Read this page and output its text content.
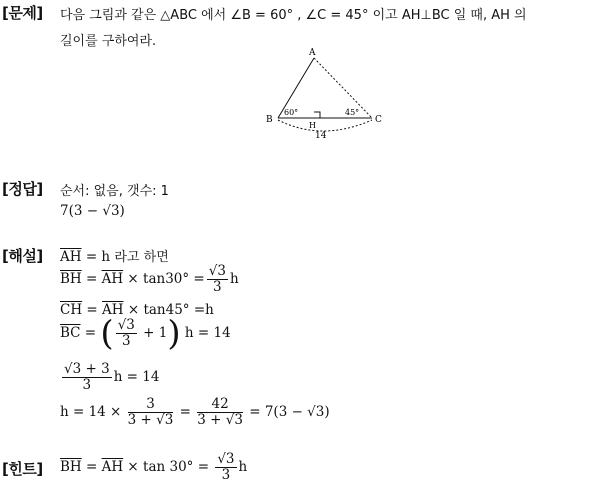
[문제] 다음 그림과 같은 △ABC 에서 ∠B = 60° , ∠C = 45° 이고 AH⊥BC 일 때, AH 의
길이를 구하여라.
A
B	C
H
60°	45°
14
[정답] 순서: 없음, 갯수: 1
7(3 − √3)
[해설] $\overline{AH} = h$ 라고 하면
$\overline{BH} = \overline{AH} \times \tan 30^\circ = \frac{√3}{3}$ h
$\overline{CH} = \overline{AH} \times \tan 45^\circ =h$
$\overline{BC}$ = ( $\frac{√3}{3} + 1$) h = 14
$\frac{√3 + 3}{3}$ h = 14
$h = 14 \times \frac{3}{3 + √3} = \frac{42}{3 + √3} = 7(3 - √3)$
[힌트] $\overline{BH} = \overline{AH} \times \tan 30^\circ = \frac{√3}{3}$ h
